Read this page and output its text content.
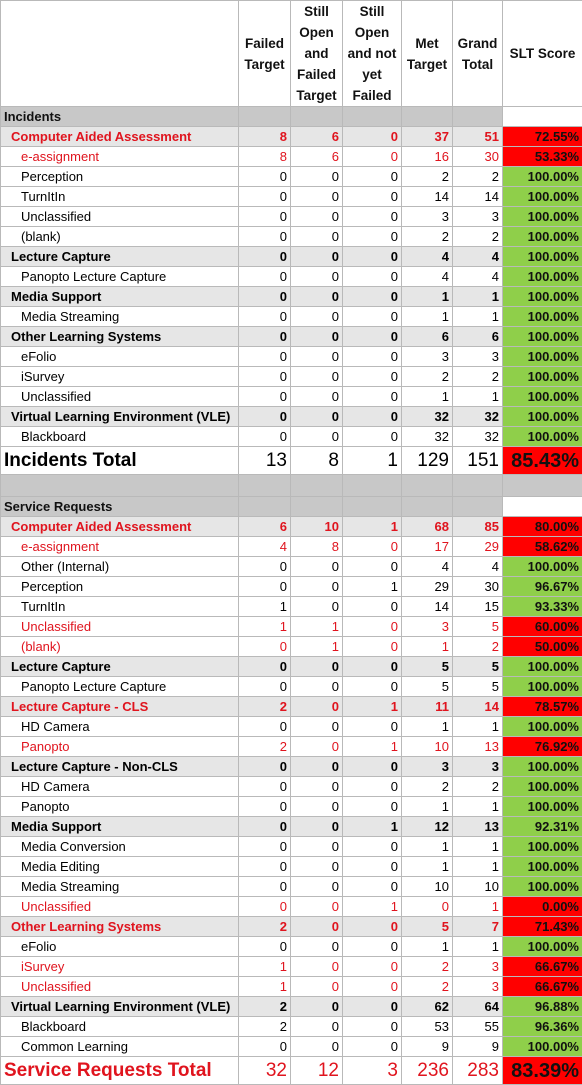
	Failed Target	Still Open and Failed Target	Still Open and not yet Failed	Met Target	Grand Total	SLT Score
Incidents						
Computer Aided Assessment	8	6	0	37	51	72.55%
e-assignment	8	6	0	16	30	53.33%
Perception	0	0	0	2	2	100.00%
TurnItIn	0	0	0	14	14	100.00%
Unclassified	0	0	0	3	3	100.00%
(blank)	0	0	0	2	2	100.00%
Lecture Capture	0	0	0	4	4	100.00%
Panopto Lecture Capture	0	0	0	4	4	100.00%
Media Support	0	0	0	1	1	100.00%
Media Streaming	0	0	0	1	1	100.00%
Other Learning Systems	0	0	0	6	6	100.00%
eFolio	0	0	0	3	3	100.00%
iSurvey	0	0	0	2	2	100.00%
Unclassified	0	0	0	1	1	100.00%
Virtual Learning Environment (VLE)	0	0	0	32	32	100.00%
Blackboard	0	0	0	32	32	100.00%
Incidents Total	13	8	1	129	151	85.43%

Service Requests						
Computer Aided Assessment	6	10	1	68	85	80.00%
e-assignment	4	8	0	17	29	58.62%
Other (Internal)	0	0	0	4	4	100.00%
Perception	0	0	1	29	30	96.67%
TurnItIn	1	0	0	14	15	93.33%
Unclassified	1	1	0	3	5	60.00%
(blank)	0	1	0	1	2	50.00%
Lecture Capture	0	0	0	5	5	100.00%
Panopto Lecture Capture	0	0	0	5	5	100.00%
Lecture Capture - CLS	2	0	1	11	14	78.57%
HD Camera	0	0	0	1	1	100.00%
Panopto	2	0	1	10	13	76.92%
Lecture Capture - Non-CLS	0	0	0	3	3	100.00%
HD Camera	0	0	0	2	2	100.00%
Panopto	0	0	0	1	1	100.00%
Media Support	0	0	1	12	13	92.31%
Media Conversion	0	0	0	1	1	100.00%
Media Editing	0	0	0	1	1	100.00%
Media Streaming	0	0	0	10	10	100.00%
Unclassified	0	0	1	0	1	0.00%
Other Learning Systems	2	0	0	5	7	71.43%
eFolio	0	0	0	1	1	100.00%
iSurvey	1	0	0	2	3	66.67%
Unclassified	1	0	0	2	3	66.67%
Virtual Learning Environment (VLE)	2	0	0	62	64	96.88%
Blackboard	2	0	0	53	55	96.36%
Common Learning	0	0	0	9	9	100.00%
Service Requests Total	32	12	3	236	283	83.39%
